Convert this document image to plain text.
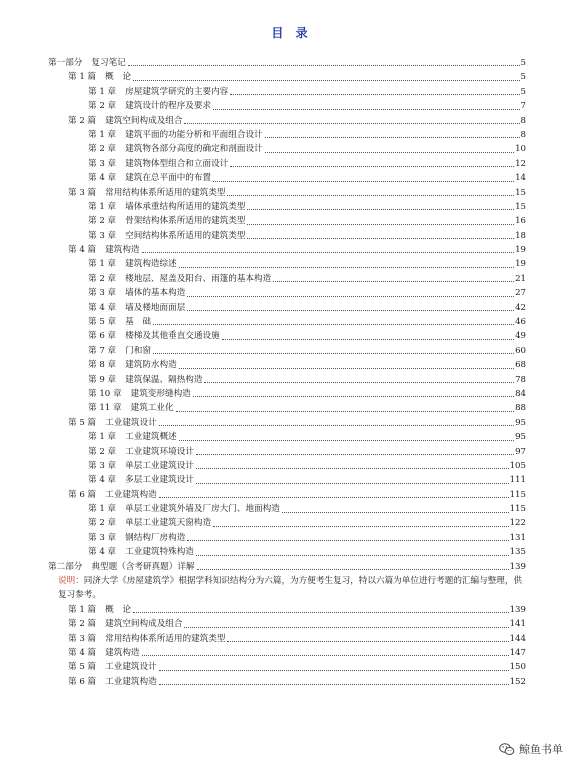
目 录
第一部分 复习笔记	5
第 1 篇 概　论	5
第 1 章 房屋建筑学研究的主要内容	5
第 2 章 建筑设计的程序及要求	7
第 2 篇 建筑空间构成及组合	8
第 1 章 建筑平面的功能分析和平面组合设计	8
第 2 章 建筑物各部分高度的确定和剖面设计	10
第 3 章 建筑物体型组合和立面设计	12
第 4 章 建筑在总平面中的布置	14
第 3 篇 常用结构体系所适用的建筑类型	15
第 1 章 墙体承重结构所适用的建筑类型	15
第 2 章 骨架结构体系所适用的建筑类型	16
第 3 章 空间结构体系所适用的建筑类型	18
第 4 篇 建筑构造	19
第 1 章 建筑构造综述	19
第 2 章 楼地层、屋盖及阳台、雨篷的基本构造	21
第 3 章 墙体的基本构造	27
第 4 章 墙及楼地面面层	42
第 5 章 基　础	46
第 6 章 楼梯及其他垂直交通设施	49
第 7 章 门和窗	60
第 8 章 建筑防水构造	68
第 9 章 建筑保温、隔热构造	78
第 10 章 建筑变形缝构造	84
第 11 章 建筑工业化	88
第 5 篇 工业建筑设计	95
第 1 章 工业建筑概述	95
第 2 章 工业建筑环境设计	97
第 3 章 单层工业建筑设计	105
第 4 章 多层工业建筑设计	111
第 6 篇 工业建筑构造	115
第 1 章 单层工业建筑外墙及厂房大门、地面构造	115
第 2 章 单层工业建筑天窗构造	122
第 3 章 钢结构厂房构造	131
第 4 章 工业建筑特殊构造	135
第二部分 典型题（含考研真题）详解	139

说明：同济大学《房屋建筑学》根据学科知识结构分为六篇，为方便考生复习，特以六篇为单位进行考题的汇编与整理，供复习参考。

第 1 篇 概　论	139
第 2 篇 建筑空间构成及组合	141
第 3 篇 常用结构体系所适用的建筑类型	144
第 4 篇 建筑构造	147
第 5 篇 工业建筑设计	150
第 6 篇 工业建筑构造	152
鲸鱼书单
